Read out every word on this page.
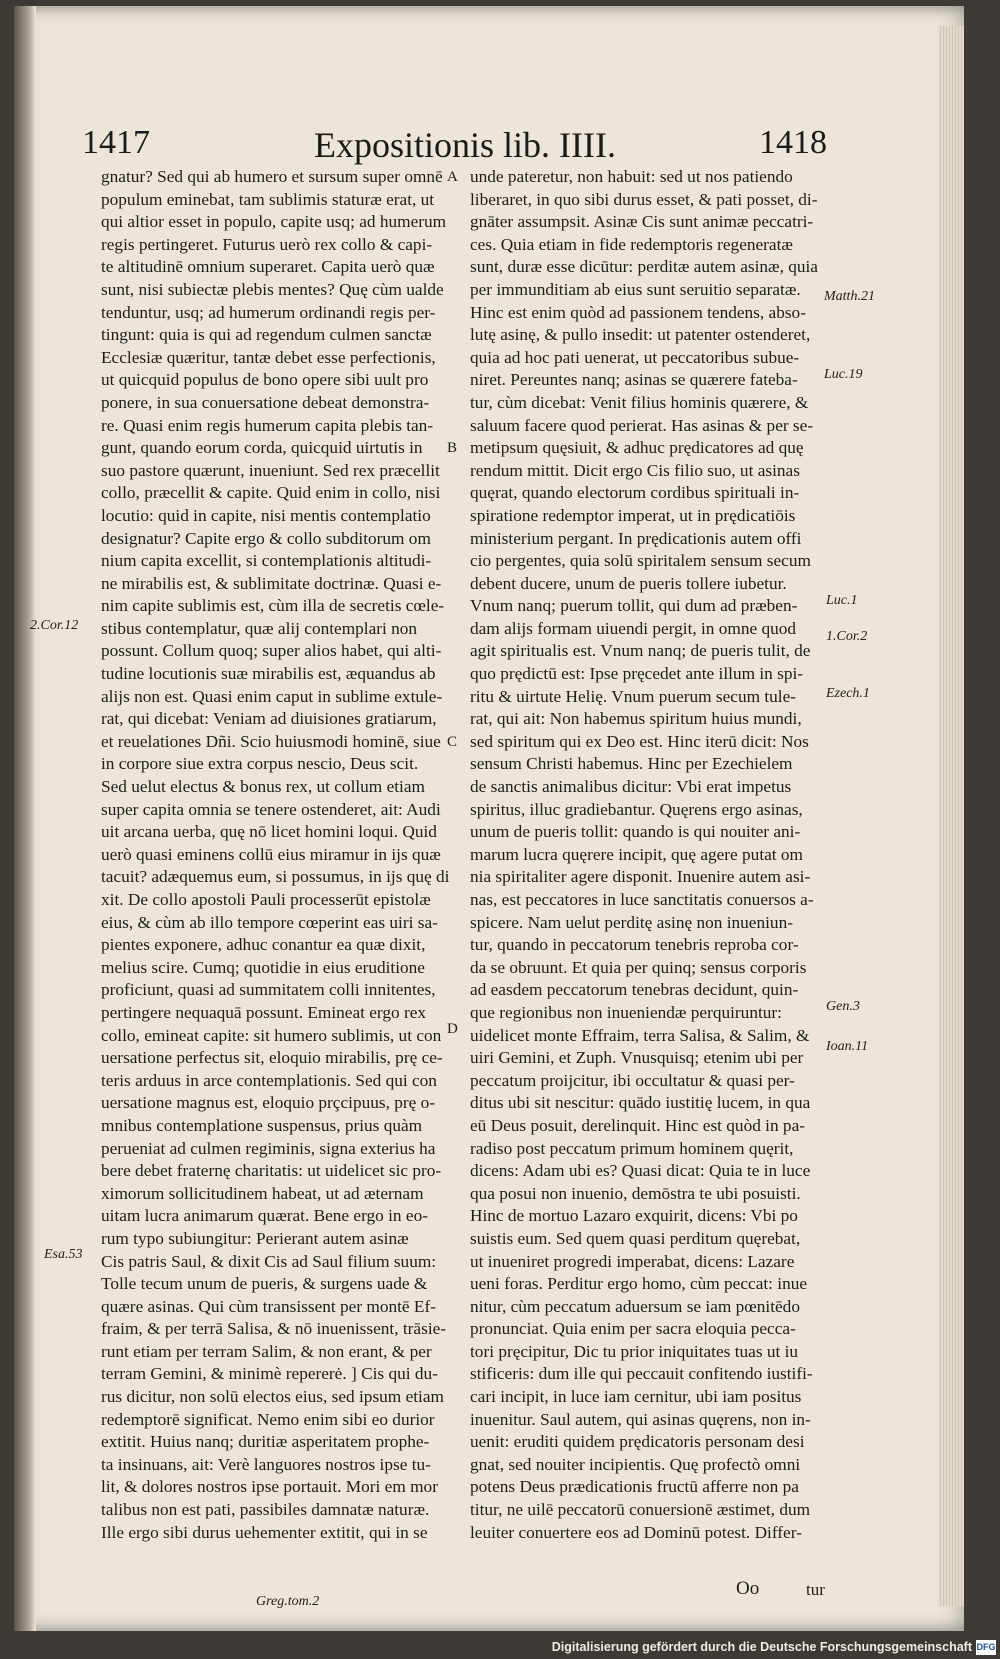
1417	Expositionis lib. IIII.	1418
gnatur? Sed qui ab humero et sursum super omnē
populum eminebat, tam sublimis staturæ erat, ut
qui altior esset in populo, capite usq; ad humerum
regis pertingeret. Futurus uerò rex collo & capi-
te altitudinē omnium superaret. Capita uerò quæ
sunt, nisi subiectæ plebis mentes? Quę cùm ualde
tenduntur, usq; ad humerum ordinandi regis per-
tingunt: quia is qui ad regendum culmen sanctæ
Ecclesiæ quæritur, tantæ debet esse perfectionis,
ut quicquid populus de bono opere sibi uult pro
ponere, in sua conuersatione debeat demonstra-
re. Quasi enim regis humerum capita plebis tan-
gunt, quando eorum corda, quicquid uirtutis in
suo pastore quærunt, inueniunt. Sed rex præcellit
collo, præcellit & capite. Quid enim in collo, nisi
locutio: quid in capite, nisi mentis contemplatio
designatur? Capite ergo & collo subditorum om
nium capita excellit, si contemplationis altitudi-
ne mirabilis est, & sublimitate doctrinæ. Quasi e-
nim capite sublimis est, cùm illa de secretis cœle-
stibus contemplatur, quæ alij contemplari non
possunt. Collum quoq; super alios habet, qui alti-
tudine locutionis suæ mirabilis est, æquandus ab
alijs non est. Quasi enim caput in sublime extule-
rat, qui dicebat: Veniam ad diuisiones gratiarum,
et reuelationes Dñi. Scio huiusmodi hominē, siue
in corpore siue extra corpus nescio, Deus scit.
Sed uelut electus & bonus rex, ut collum etiam
super capita omnia se tenere ostenderet, ait: Audi
uit arcana uerba, quę nō licet homini loqui. Quid
uerò quasi eminens collū eius miramur in ijs quæ
tacuit? adæquemus eum, si possumus, in ijs quę di
xit. De collo apostoli Pauli processerūt epistolæ
eius, & cùm ab illo tempore cœperint eas uiri sa-
pientes exponere, adhuc conantur ea quæ dixit,
melius scire. Cumq; quotidie in eius eruditione
proficiunt, quasi ad summitatem colli innitentes,
pertingere nequaquā possunt. Emineat ergo rex
collo, emineat capite: sit humero sublimis, ut con
uersatione perfectus sit, eloquio mirabilis, prę ce-
teris arduus in arce contemplationis. Sed qui con
uersatione magnus est, eloquio prçcipuus, prę o-
mnibus contemplatione suspensus, prius quàm
perueniat ad culmen regiminis, signa exterius ha
bere debet fraternę charitatis: ut uidelicet sic pro-
ximorum sollicitudinem habeat, ut ad æternam
uitam lucra animarum quærat. Bene ergo in eo-
rum typo subiungitur: Perierant autem asinæ
Cis patris Saul, & dixit Cis ad Saul filium suum:
Tolle tecum unum de pueris, & surgens uade &
quære asinas. Qui cùm transissent per montē Ef-
fraim, & per terrā Salisa, & nō inuenissent, trāsie-
runt etiam per terram Salim, & non erant, & per
terram Gemini, & minimè repererė. ] Cis qui du-
rus dicitur, non solū electos eius, sed ipsum etiam
redemptorē significat. Nemo enim sibi eo durior
extitit. Huius nanq; duritiæ asperitatem prophe-
ta insinuans, ait: Verè languores nostros ipse tu-
lit, & dolores nostros ipse portauit. Mori em mor
talibus non est pati, passibiles damnatæ naturæ.
Ille ergo sibi durus uehementer extitit, qui in se
unde pateretur, non habuit: sed ut nos patiendo
liberaret, in quo sibi durus esset, & pati posset, di-
gnāter assumpsit. Asinæ Cis sunt animæ peccatri-
ces. Quia etiam in fide redemptoris regeneratæ
sunt, duræ esse dicūtur: perditæ autem asinæ, quia
per immunditiam ab eius sunt seruitio separatæ.
Hinc est enim quòd ad passionem tendens, abso-
lutę asinę, & pullo insedit: ut patenter ostenderet,
quia ad hoc pati uenerat, ut peccatoribus subue-
niret. Pereuntes nanq; asinas se quærere fateba-
tur, cùm dicebat: Venit filius hominis quærere, &
saluum facere quod perierat. Has asinas & per se-
metipsum quęsiuit, & adhuc prędicatores ad quę
rendum mittit. Dicit ergo Cis filio suo, ut asinas
quęrat, quando electorum cordibus spirituali in-
spiratione redemptor imperat, ut in prędicatiōis
ministerium pergant. In prędicationis autem offi
cio pergentes, quia solū spiritalem sensum secum
debent ducere, unum de pueris tollere iubetur.
Vnum nanq; puerum tollit, qui dum ad præben-
dam alijs formam uiuendi pergit, in omne quod
agit spiritualis est. Vnum nanq; de pueris tulit, de
quo prędictū est: Ipse pręcedet ante illum in spi-
ritu & uirtute Helię. Vnum puerum secum tule-
rat, qui ait: Non habemus spiritum huius mundi,
sed spiritum qui ex Deo est. Hinc iterū dicit: Nos
sensum Christi habemus. Hinc per Ezechielem
de sanctis animalibus dicitur: Vbi erat impetus
spiritus, illuc gradiebantur. Quęrens ergo asinas,
unum de pueris tollit: quando is qui nouiter ani-
marum lucra quęrere incipit, quę agere putat om
nia spiritaliter agere disponit. Inuenire autem asi-
nas, est peccatores in luce sanctitatis conuersos a-
spicere. Nam uelut perditę asinę non inueniun-
tur, quando in peccatorum tenebris reproba cor-
da se obruunt. Et quia per quinq; sensus corporis
ad easdem peccatorum tenebras decidunt, quin-
que regionibus non inueniendæ perquiruntur:
uidelicet monte Effraim, terra Salisa, & Salim, &
uiri Gemini, et Zuph. Vnusquisq; etenim ubi per
peccatum proijcitur, ibi occultatur & quasi per-
ditus ubi sit nescitur: quādo iustitię lucem, in qua
eū Deus posuit, derelinquit. Hinc est quòd in pa-
radiso post peccatum primum hominem quęrit,
dicens: Adam ubi es? Quasi dicat: Quia te in luce
qua posui non inuenio, demōstra te ubi posuisti.
Hinc de mortuo Lazaro exquirit, dicens: Vbi po
suistis eum. Sed quem quasi perditum quęrebat,
ut inueniret progredi imperabat, dicens: Lazare
ueni foras. Perditur ergo homo, cùm peccat: inue
nitur, cùm peccatum aduersum se iam pœnitēdo
pronunciat. Quia enim per sacra eloquia pecca-
tori pręcipitur, Dic tu prior iniquitates tuas ut iu
stificeris: dum ille qui peccauit confitendo iustifi-
cari incipit, in luce iam cernitur, ubi iam positus
inuenitur. Saul autem, qui asinas quęrens, non in-
uenit: eruditi quidem prędicatoris personam desi
gnat, sed nouiter incipientis. Quę profectò omni
potens Deus prædicationis fructū afferre non pa
titur, ne uilē peccatorū conuersionē æstimet, dum
leuiter conuertere eos ad Dominū potest. Differ-
A
B
C
D
2.Cor.12
Esa.53
Matth.21
Luc.19
Luc.1
1.Cor.2
Ezech.1
Gen.3
Ioan.11
Greg.tom.2
Oo	tur
Digitalisierung gefördert durch die Deutsche Forschungsgemeinschaft DFG
